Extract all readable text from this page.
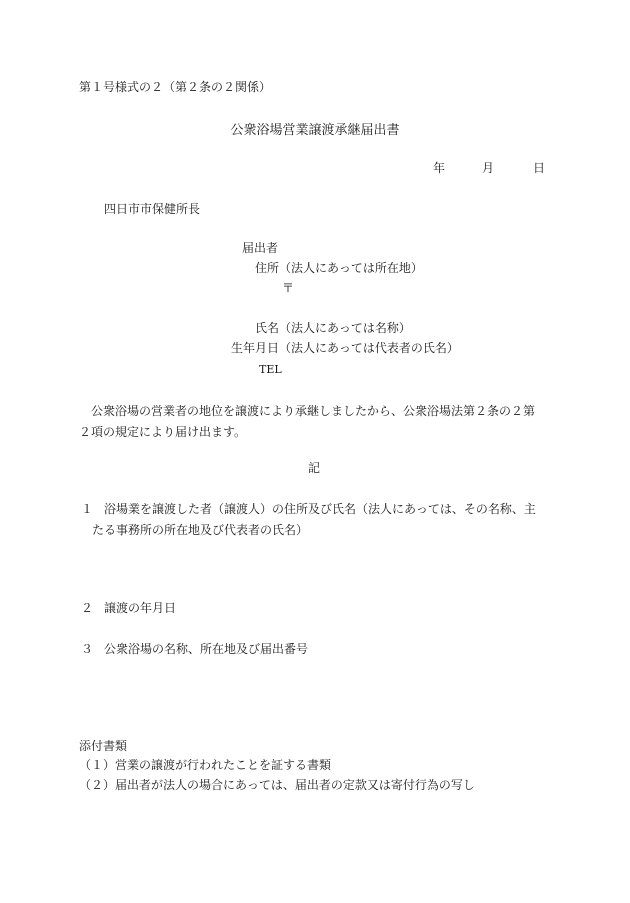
第１号様式の２（第２条の２関係）
公衆浴場営業譲渡承継届出書
年	月	日
四日市市保健所長
届出者
住所（法人にあっては所在地）
〒
氏名（法人にあっては名称）
生年月日（法人にあっては代表者の氏名）
TEL
公衆浴場の営業者の地位を譲渡により承継しましたから、公衆浴場法第２条の２第
２項の規定により届け出ます。
記
１ 浴場業を譲渡した者（譲渡人）の住所及び氏名（法人にあっては、その名称、主
たる事務所の所在地及び代表者の氏名）
２ 譲渡の年月日
３ 公衆浴場の名称、所在地及び届出番号
添付書類
（１）営業の譲渡が行われたことを証する書類
（２）届出者が法人の場合にあっては、届出者の定款又は寄付行為の写し
